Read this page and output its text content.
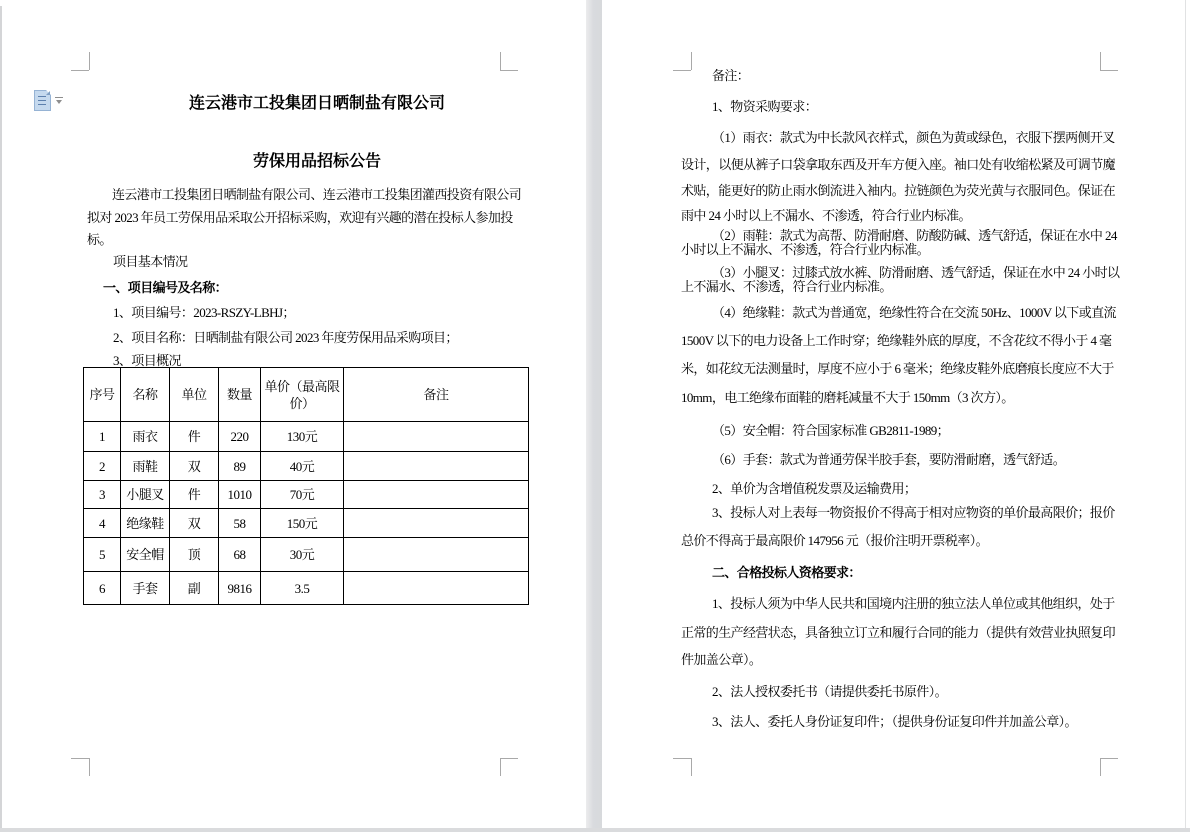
连云港市工投集团日晒制盐有限公司
劳保用品招标公告
连云港市工投集团日晒制盐有限公司、连云港市工投集团灌西投资有限公司
拟对 2023 年员工劳保用品采取公开招标采购，欢迎有兴趣的潜在投标人参加投
标。
项目基本情况
一、项目编号及名称：
1、项目编号：2023-RSZY-LBHJ；
2、项目名称：日晒制盐有限公司 2023 年度劳保用品采购项目；
3、项目概况
序号	名称	单位	数量	单价（最高限价）	备注
1	雨衣	件	220	130元	
2	雨鞋	双	89	40元	
3	小腿叉	件	1010	70元	
4	绝缘鞋	双	58	150元	
5	安全帽	顶	68	30元	
6	手套	副	9816	3.5	
备注：
1、物资采购要求：
（1）雨衣：款式为中长款风衣样式，颜色为黄或绿色，衣服下摆两侧开叉
设计，以便从裤子口袋拿取东西及开车方便入座。袖口处有收缩松紧及可调节魔
术贴，能更好的防止雨水倒流进入袖内。拉链颜色为荧光黄与衣服同色。保证在
雨中 24 小时以上不漏水、不渗透，符合行业内标准。
（2）雨鞋：款式为高帮、防滑耐磨、防酸防碱、透气舒适，保证在水中 24
小时以上不漏水、不渗透，符合行业内标准。
（3）小腿叉：过膝式放水裤、防滑耐磨、透气舒适，保证在水中 24 小时以
上不漏水、不渗透，符合行业内标准。
（4）绝缘鞋：款式为普通宽，绝缘性符合在交流 50Hz、1000V 以下或直流
1500V 以下的电力设备上工作时穿；绝缘鞋外底的厚度，不含花纹不得小于 4 毫
米，如花纹无法测量时，厚度不应小于 6 毫米；绝缘皮鞋外底磨痕长度应不大于
10mm，电工绝缘布面鞋的磨耗减量不大于 150mm（3 次方）。
（5）安全帽：符合国家标准 GB2811-1989；
（6）手套：款式为普通劳保半胶手套，要防滑耐磨，透气舒适。
2、单价为含增值税发票及运输费用；
3、投标人对上表每一物资报价不得高于相对应物资的单价最高限价；报价
总价不得高于最高限价 147956 元（报价注明开票税率）。
二、合格投标人资格要求：
1、投标人须为中华人民共和国境内注册的独立法人单位或其他组织，处于
正常的生产经营状态，具备独立订立和履行合同的能力（提供有效营业执照复印
件加盖公章）。
2、法人授权委托书（请提供委托书原件）。
3、法人、委托人身份证复印件；（提供身份证复印件并加盖公章）。
